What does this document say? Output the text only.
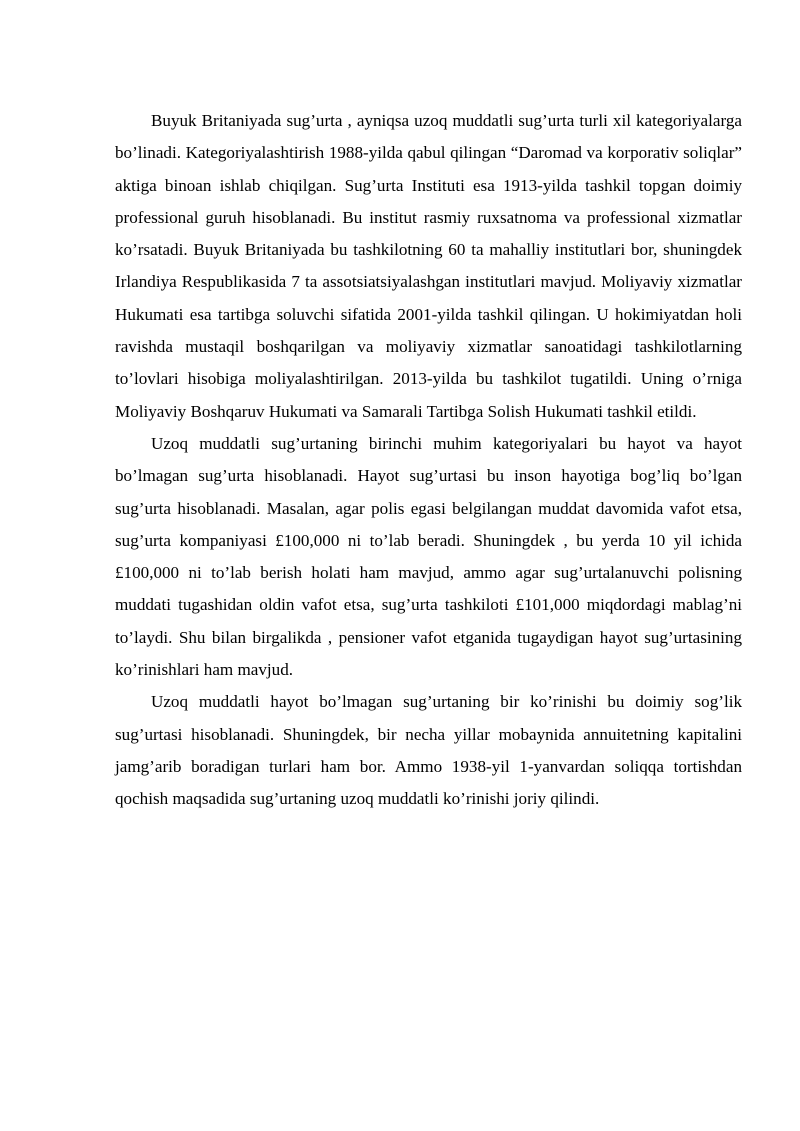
Buyuk Britaniyada sug’urta , ayniqsa uzoq muddatli sug’urta turli xil kategoriyalarga bo’linadi. Kategoriyalashtirish 1988-yilda qabul qilingan “Daromad va korporativ soliqlar” aktiga binoan ishlab chiqilgan. Sug’urta Instituti esa 1913-yilda tashkil topgan doimiy professional guruh hisoblanadi. Bu institut rasmiy ruxsatnoma va professional xizmatlar ko’rsatadi. Buyuk Britaniyada bu tashkilotning 60 ta mahalliy institutlari bor, shuningdek Irlandiya Respublikasida 7 ta assotsiatsiyalashgan institutlari mavjud. Moliyaviy xizmatlar Hukumati esa tartibga soluvchi sifatida 2001-yilda tashkil qilingan. U hokimiyatdan holi ravishda mustaqil boshqarilgan va moliyaviy xizmatlar sanoatidagi tashkilotlarning to’lovlari hisobiga moliyalashtirilgan. 2013-yilda bu tashkilot tugatildi. Uning o’rniga Moliyaviy Boshqaruv Hukumati va Samarali Tartibga Solish Hukumati tashkil etildi.

Uzoq muddatli sug’urtaning birinchi muhim kategoriyalari bu hayot va hayot bo’lmagan sug’urta hisoblanadi. Hayot sug’urtasi bu inson hayotiga bog’liq bo’lgan sug’urta hisoblanadi. Masalan, agar polis egasi belgilangan muddat davomida vafot etsa, sug’urta kompaniyasi £100,000 ni to’lab beradi. Shuningdek , bu yerda 10 yil ichida £100,000 ni to’lab berish holati ham mavjud, ammo agar sug’urtalanuvchi polisning muddati tugashidan oldin vafot etsa, sug’urta tashkiloti £101,000 miqdordagi mablag’ni to’laydi. Shu bilan birgalikda , pensioner vafot etganida tugaydigan hayot sug’urtasining ko’rinishlari ham mavjud.

Uzoq muddatli hayot bo’lmagan sug’urtaning bir ko’rinishi bu doimiy sog’lik sug’urtasi hisoblanadi. Shuningdek, bir necha yillar mobaynida annuitetning kapitalini jamg’arib boradigan turlari ham bor. Ammo 1938-yil 1-yanvardan soliqqa tortishdan qochish maqsadida sug’urtaning uzoq muddatli ko’rinishi joriy qilindi.
